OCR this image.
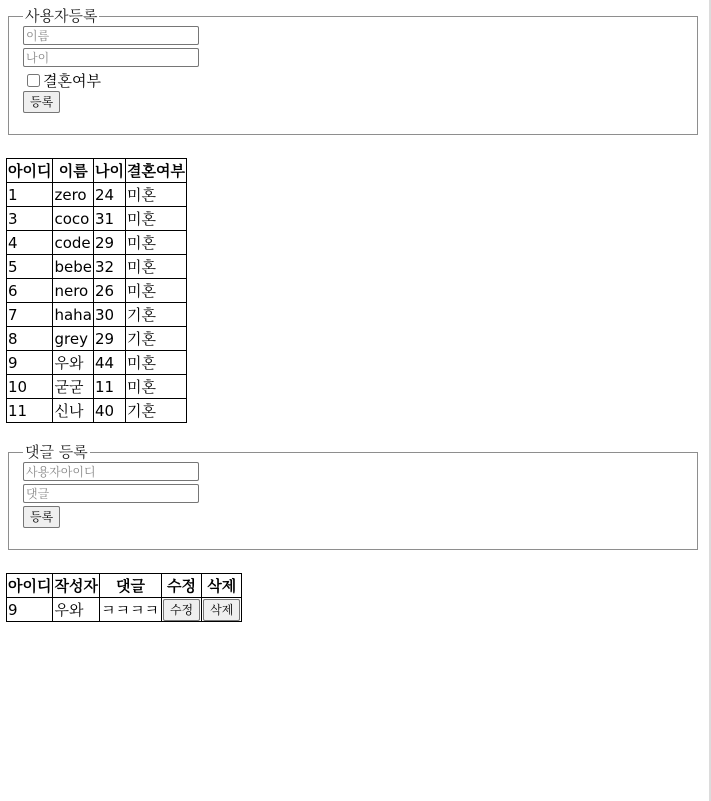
사용자등록
이름
나이
결혼여부
등록
아이디	이름	나이	결혼여부
1	zero	24	미혼
3	coco	31	미혼
4	code	29	미혼
5	bebe	32	미혼
6	nero	26	미혼
7	haha	30	기혼
8	grey	29	기혼
9	우와	44	미혼
10	굳굳	11	미혼
11	신나	40	기혼
댓글 등록
사용자아이디
댓글 등록
아이디	작성자	댓글	수정	삭제
9	우와	ㅋㅋㅋㅋ	수정	삭제
